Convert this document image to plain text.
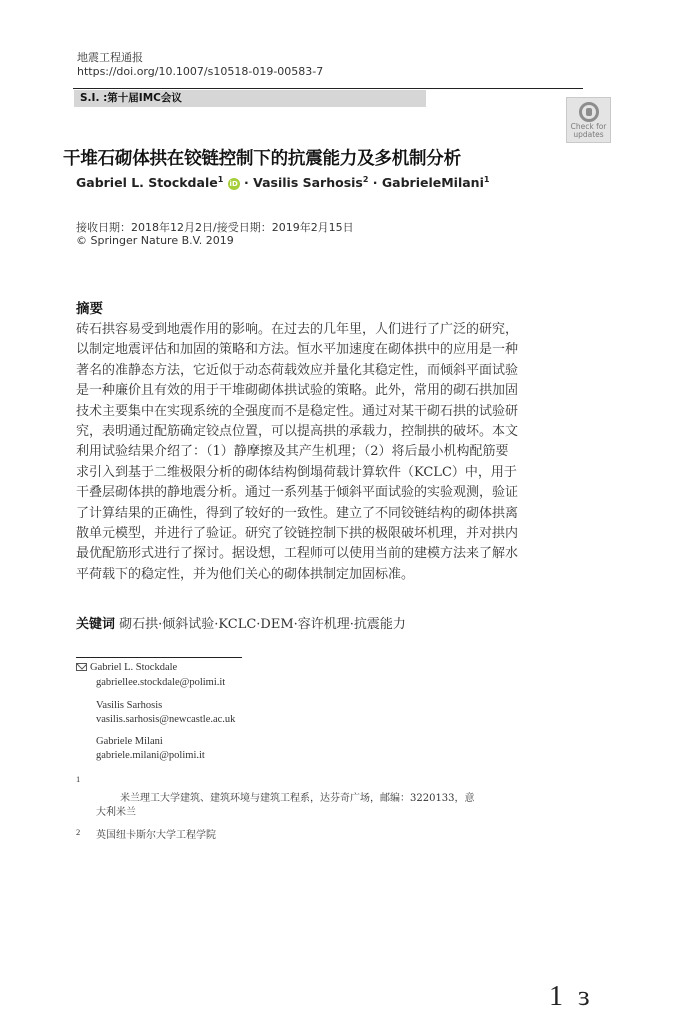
地震工程通报
https://doi.org/10.1007/s10518-019-00583-7
S.I. :第十届IMC会议
Check for
updates
干堆石砌体拱在铰链控制下的抗震能力及多机制分析
Gabriel L. Stockdale$^1$ iD · Vasilis Sarhosis$^2$ · GabrieleMilani$^1$
接收日期：2018年12月2日/接受日期：2019年2月15日
© Springer Nature B.V. 2019
摘要
砖石拱容易受到地震作用的影响。在过去的几年里，人们进行了广泛的研究，
以制定地震评估和加固的策略和方法。恒水平加速度在砌体拱中的应用是一种
著名的准静态方法，它近似于动态荷载效应并量化其稳定性，而倾斜平面试验
是一种廉价且有效的用于干堆砌砌体拱试验的策略。此外，常用的砌石拱加固
技术主要集中在实现系统的全强度而不是稳定性。通过对某干砌石拱的试验研
究，表明通过配筋确定铰点位置，可以提高拱的承载力，控制拱的破坏。本文
利用试验结果介绍了：（1）静摩擦及其产生机理；（2）将后最小机构配筋要
求引入到基于二维极限分析的砌体结构倒塌荷载计算软件（KCLC）中，用于
干叠层砌体拱的静地震分析。通过一系列基于倾斜平面试验的实验观测，验证
了计算结果的正确性，得到了较好的一致性。建立了不同铰链结构的砌体拱离
散单元模型，并进行了验证。研究了铰链控制下拱的极限破坏机理，并对拱内
最优配筋形式进行了探讨。据设想，工程师可以使用当前的建模方法来了解水
平荷载下的稳定性，并为他们关心的砌体拱制定加固标准。
关键词 砌石拱·倾斜试验·KCLC·DEM·容许机理·抗震能力
Gabriel L. Stockdale
gabriellee.stockdale@polimi.it
Vasilis Sarhosis
vasilis.sarhosis@newcastle.ac.uk
Gabriele Milani
gabriele.milani@polimi.it
1
米兰理工大学建筑、建筑环境与建筑工程系，达芬奇广场，邮编：3220133，意
大利米兰
2 英国纽卡斯尔大学工程学院
1 ɜ
